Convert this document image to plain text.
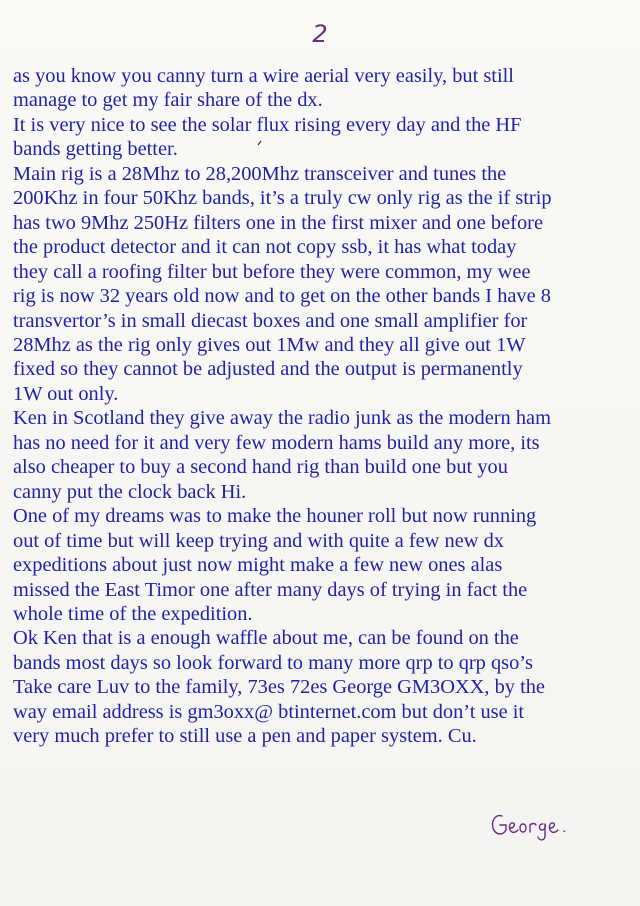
2
as you know you canny turn a wire aerial very easily, but still
manage to get my fair share of the dx.
It is very nice to see the solar flux rising every day and the HF
bands getting better.
Main rig is a 28Mhz to 28,200Mhz transceiver and tunes the
200Khz in four 50Khz bands, it’s a truly cw only rig as the if strip
has two 9Mhz 250Hz filters one in the first mixer and one before
the product detector and it can not copy ssb, it has what today
they call a roofing filter but before they were common, my wee
rig is now 32 years old now and to get on the other bands I have 8
transvertor’s in small diecast boxes and one small amplifier for
28Mhz as the rig only gives out 1Mw and they all give out 1W
fixed so they cannot be adjusted and the output is permanently
1W out only.
Ken in Scotland they give away the radio junk as the modern ham
has no need for it and very few modern hams build any more, its
also cheaper to buy a second hand rig than build one but you
canny put the clock back Hi.
One of my dreams was to make the houner roll but now running
out of time but will keep trying and with quite a few new dx
expeditions about just now might make a few new ones alas
missed the East Timor one after many days of trying in fact the
whole time of the expedition.
Ok Ken that is a enough waffle about me, can be found on the
bands most days so look forward to many more qrp to qrp qso’s
Take care Luv to the family, 73es 72es George GM3OXX, by the
way email address is gm3oxx@ btinternet.com but don’t use it
very much prefer to still use a pen and paper system. Cu.
